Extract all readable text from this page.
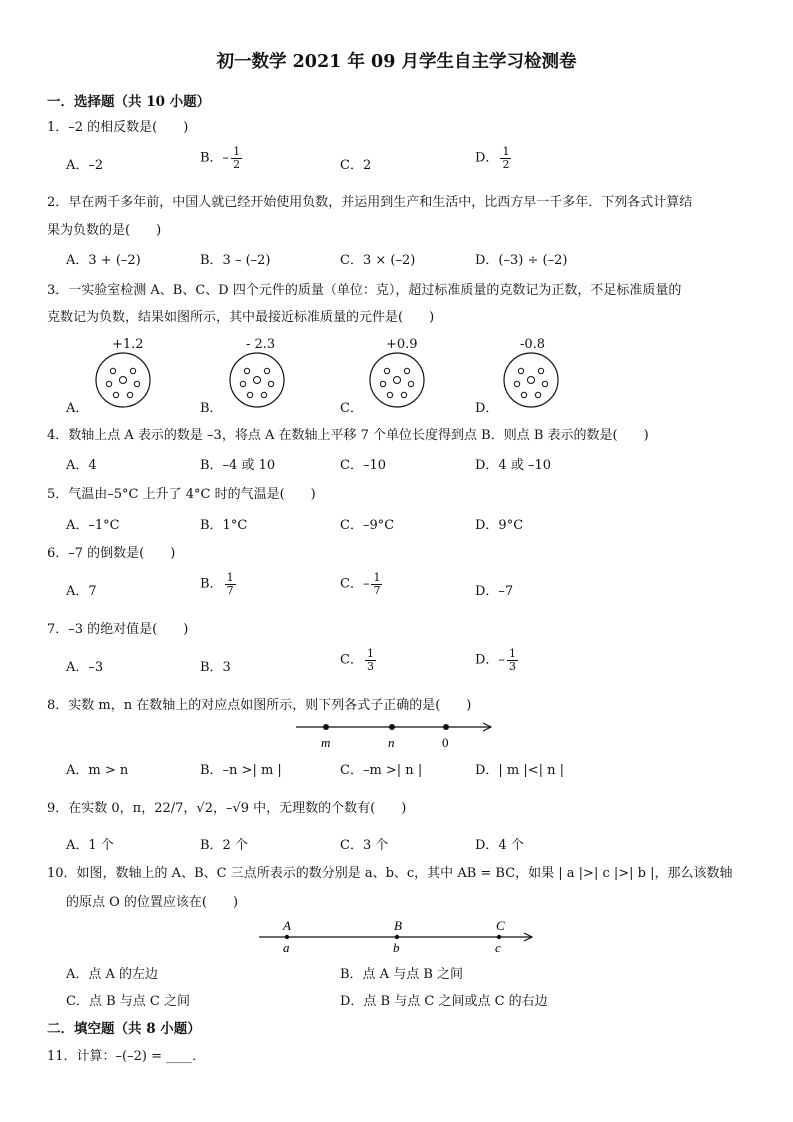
初一数学 2021 年 09 月学生自主学习检测卷
一．选择题（共 10 小题）
1．–2 的相反数是(　　)
A．–2	B．– $\frac{1}{2}$	C．2	D． $\frac{1}{2}$
2．早在两千多年前，中国人就已经开始使用负数，并运用到生产和生活中，比西方早一千多年．下列各式计算结
果为负数的是(　　)
A．3 + (–2)	B．3 – (–2)	C．3 × (–2)	D．(–3) ÷ (–2)
3．一实验室检测 A、B、C、D 四个元件的质量（单位：克），超过标准质量的克数记为正数，不足标准质量的
克数记为负数，结果如图所示，其中最接近标准质量的元件是(　　)
+1.2	- 2.3	+0.9	-0.8
A．	B．	C．	D．
4．数轴上点 A 表示的数是 –3，将点 A 在数轴上平移 7 个单位长度得到点 B．则点 B 表示的数是(　　)
A．4	B．–4 或 10	C．–10	D．4 或 –10
5．气温由–5°C 上升了 4°C 时的气温是(　　)
A．–1°C	B．1°C	C．–9°C	D．9°C
6．–7 的倒数是(　　)
A．7	B． $\frac{1}{7}$	C．– $\frac{1}{7}$	D．–7
7．–3 的绝对值是(　　)
A．–3	B．3	C． $\frac{1}{3}$	D．– $\frac{1}{3}$
8．实数 m，n 在数轴上的对应点如图所示，则下列各式子正确的是(　　)
m	n	0
A．m > n	B．–n >| m |	C．–m >| n |	D．| m |<| n |
9．在实数 0，π，22/7，√2，–√9 中，无理数的个数有(　　)
A．1 个	B．2 个	C．3 个	D．4 个
10．如图，数轴上的 A、B、C 三点所表示的数分别是 a、b、c，其中 AB = BC，如果 | a |>| c |>| b |，那么该数轴
的原点 O 的位置应该在(　　)
A	B	C
a	b	c
A．点 A 的左边	B．点 A 与点 B 之间
C．点 B 与点 C 之间	D．点 B 与点 C 之间或点 C 的右边
二．填空题（共 8 小题）
11．计算：–(–2) = ____．
